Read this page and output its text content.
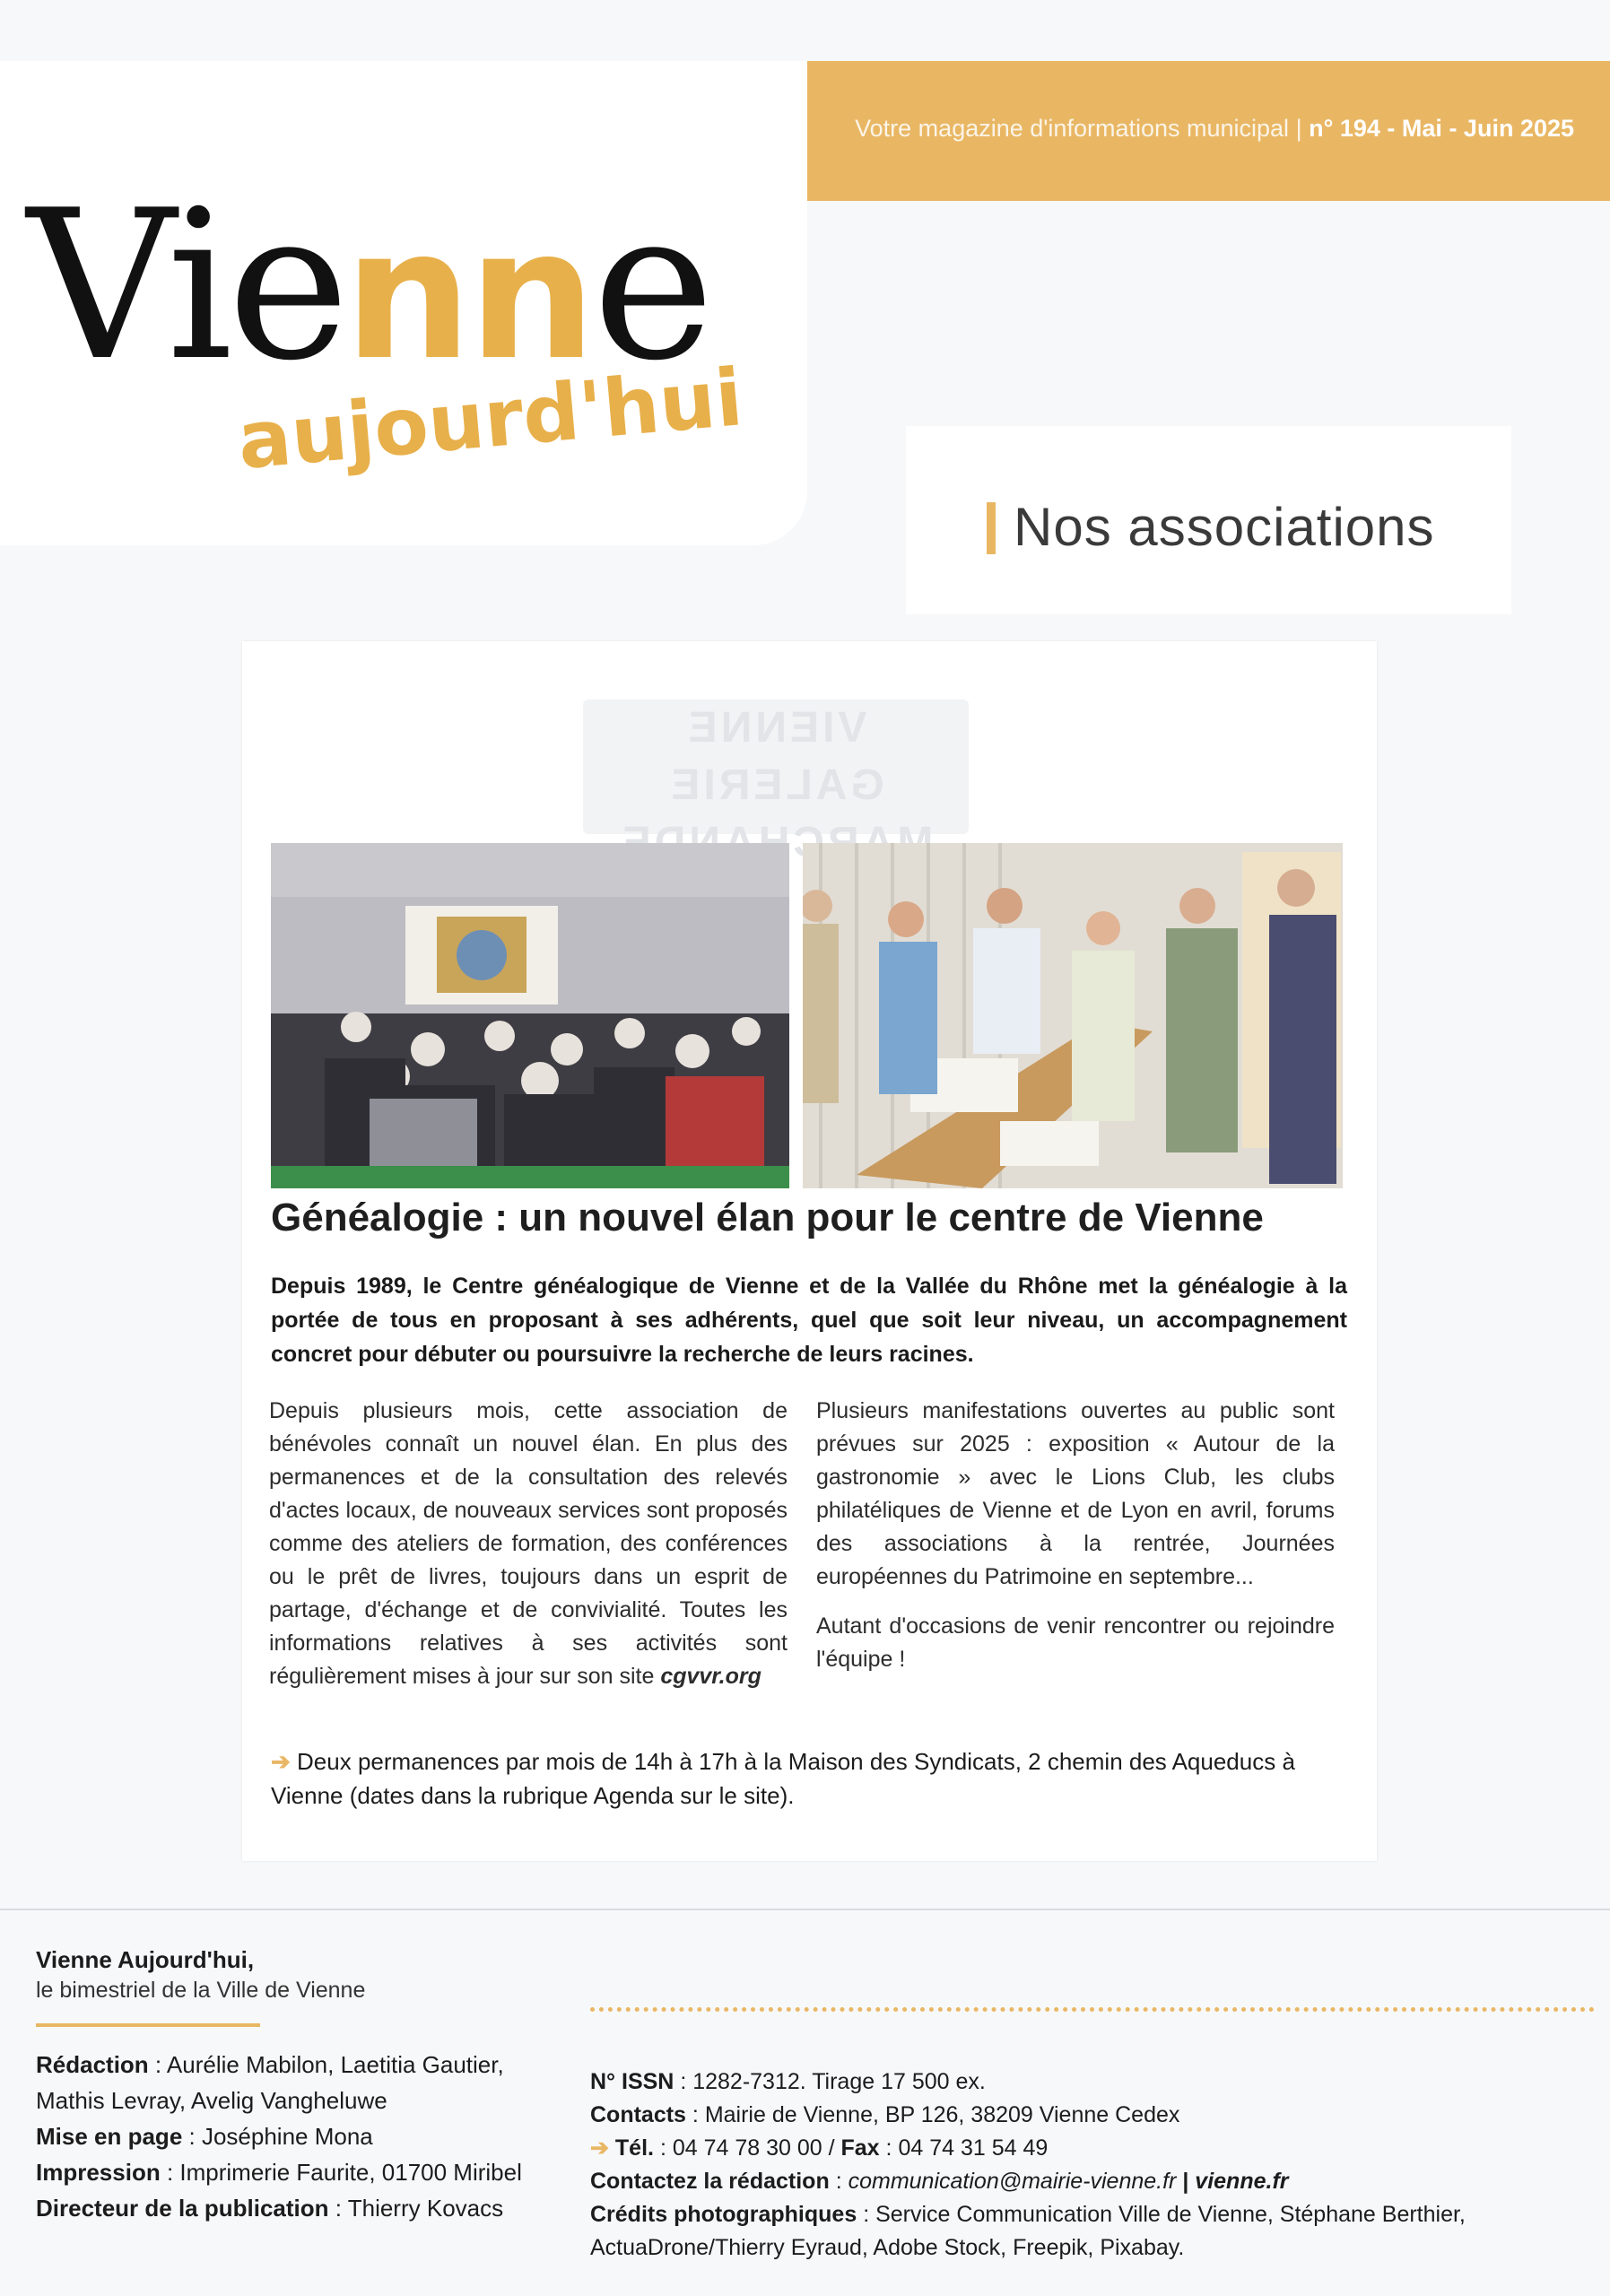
Votre magazine d'informations municipal | n° 194 - Mai - Juin 2025
Vienne
aujourd'hui
Nos associations
VIENNE GALERIE
Généalogie : un nouvel élan pour le centre de Vienne
Depuis 1989, le Centre généalogique de Vienne et de la Vallée du Rhône met la généalogie à la portée de tous en proposant à ses adhérents, quel que soit leur niveau, un accompagnement concret pour débuter ou poursuivre la recherche de leurs racines.

Depuis plusieurs mois, cette association de bénévoles connaît un nouvel élan. En plus des permanences et de la consultation des relevés d'actes locaux, de nouveaux services sont proposés comme des ateliers de formation, des conférences ou le prêt de livres, toujours dans un esprit de partage, d'échange et de convivialité. Toutes les informations relatives à ses activités sont régulièrement mises à jour sur son site cgvvr.org

Plusieurs manifestations ouvertes au public sont prévues sur 2025 : exposition « Autour de la gastronomie » avec le Lions Club, les clubs philatéliques de Vienne et de Lyon en avril, forums des associations à la rentrée, Journées européennes du Patrimoine en septembre...

Autant d'occasions de venir rencontrer ou rejoindre l'équipe !

➔ Deux permanences par mois de 14h à 17h à la Maison des Syndicats, 2 chemin des Aqueducs à Vienne (dates dans la rubrique Agenda sur le site).
Vienne Aujourd'hui,
le bimestriel de la Ville de Vienne
Rédaction : Aurélie Mabilon, Laetitia Gautier, Mathis Levray, Avelig Vangheluwe
Mise en page : Joséphine Mona
Impression : Imprimerie Faurite, 01700 Miribel
Directeur de la publication : Thierry Kovacs
N° ISSN : 1282-7312. Tirage 17 500 ex.
Contacts : Mairie de Vienne, BP 126, 38209 Vienne Cedex
➔ Tél. : 04 74 78 30 00 / Fax : 04 74 31 54 49
Contactez la rédaction : communication@mairie-vienne.fr | vienne.fr
Crédits photographiques : Service Communication Ville de Vienne, Stéphane Berthier, ActuaDrone/Thierry Eyraud, Adobe Stock, Freepik, Pixabay.
